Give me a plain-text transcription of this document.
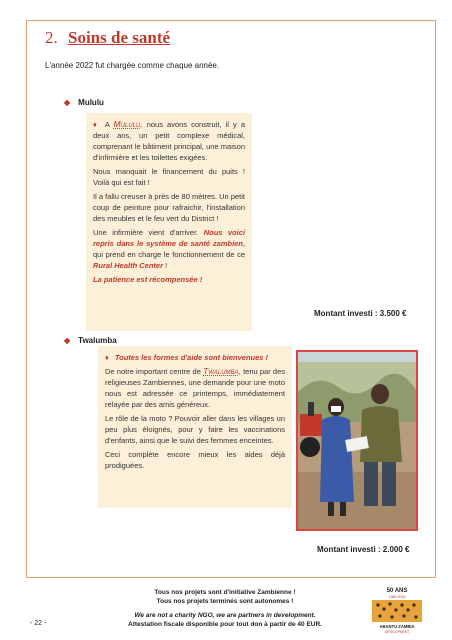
2. Soins de santé
L'année 2022 fut chargée comme chaque année.
◆ Mululu

♦ A Mululu, nous avons construit, il y a deux ans, un petit complexe médical, comprenant le bâtiment principal, une maison d'infirmière et les toilettes exigées.

Nous manquait le financement du puits ! Voilà qui est fait !

Il a fallu creuser à près de 80 mètres. Un petit coup de peinture pour rafraichir, l'installation des meubles et le feu vert du District !

Une infirmière vient d'arriver. Nous voici repris dans le système de santé zambien, qui prend en charge le fonctionnement de ce Rural Health Center !

La patience est récompensée !

Montant investi : 3.500 €
◆ Twalumba

♦ Toutes les formes d'aide sont bienvenues !

De notre important centre de Twalumba, tenu par des religieuses Zambiennes, une demande pour une moto nous est adressée ce printemps, immédiatement relayée par des amis généreux.

Le rôle de la moto ? Pouvoir aller dans les villages un peu plus éloignés, pour y faire les vaccinations d'enfants, ainsi que le suivi des femmes enceintes.

Ceci complète encore mieux les aides déjà prodiguées.

Montant investi : 2.000 €
Tous nos projets sont d'initiative Zambienne !
Tous nos projets terminés sont autonomes !
We are not a charity NGO, we are partners in development.
Attestation fiscale disponible pour tout don à partir de 40 EUR.
- 22 -
50 ANS
1984-2024
ABANTU ZAMBIA
DEVELOPMENT
